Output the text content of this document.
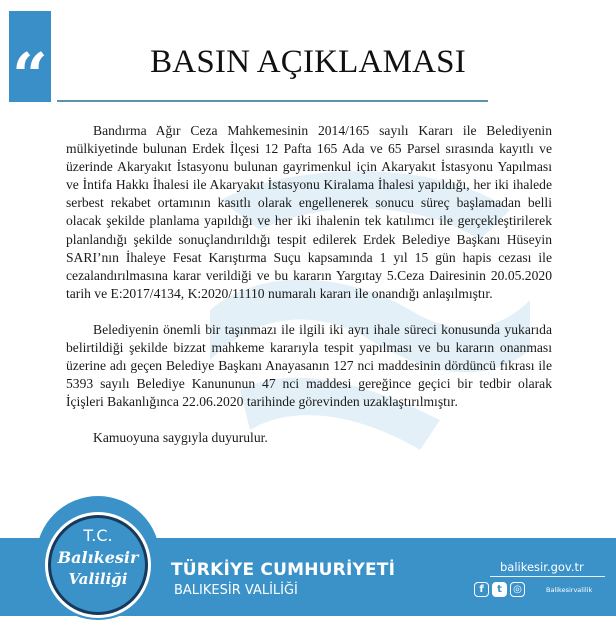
“	BASIN AÇIKLAMASI

Bandırma Ağır Ceza Mahkemesinin 2014/165 sayılı Kararı ile Belediyenin mülkiyetinde bulunan Erdek İlçesi 12 Pafta 165 Ada ve 65 Parsel sırasında kayıtlı ve üzerinde Akaryakıt İstasyonu bulunan gayrimenkul için Akaryakıt İstasyonu Yapılması ve İntifa Hakkı İhalesi ile Akaryakıt İstasyonu Kiralama İhalesi yapıldığı, her iki ihalede serbest rekabet ortamının kasıtlı olarak engellenerek sonucu süreç başlamadan belli olacak şekilde planlama yapıldığı ve her iki ihalenin tek katılımcı ile gerçekleştirilerek planlandığı şekilde sonuçlandırıldığı tespit edilerek Erdek Belediye Başkanı Hüseyin SARI’nın İhaleye Fesat Karıştırma Suçu kapsamında 1 yıl 15 gün hapis cezası ile cezalandırılmasına karar verildiği ve bu kararın Yargıtay 5.Ceza Dairesinin 20.05.2020 tarih ve E:2017/4134, K:2020/11110 numaralı kararı ile onandığı anlaşılmıştır.

Belediyenin önemli bir taşınmazı ile ilgili iki ayrı ihale süreci konusunda yukarıda belirtildiği şekilde bizzat mahkeme kararıyla tespit yapılması ve bu kararın onanması üzerine adı geçen Belediye Başkanı Anayasanın 127 nci maddesinin dördüncü fıkrası ile 5393 sayılı Belediye Kanununun 47 nci maddesi gereğince geçici bir tedbir olarak İçişleri Bakanlığınca 22.06.2020 tarihinde görevinden uzaklaştırılmıştır.

Kamuoyuna saygıyla duyurulur.

T.C.
Balıkesir
Valiliği	TÜRKİYE CUMHURİYETİ
BALIKESİR VALİLİĞİ
balikesir.gov.tr
f	t	◎	Balikesirvalilik
